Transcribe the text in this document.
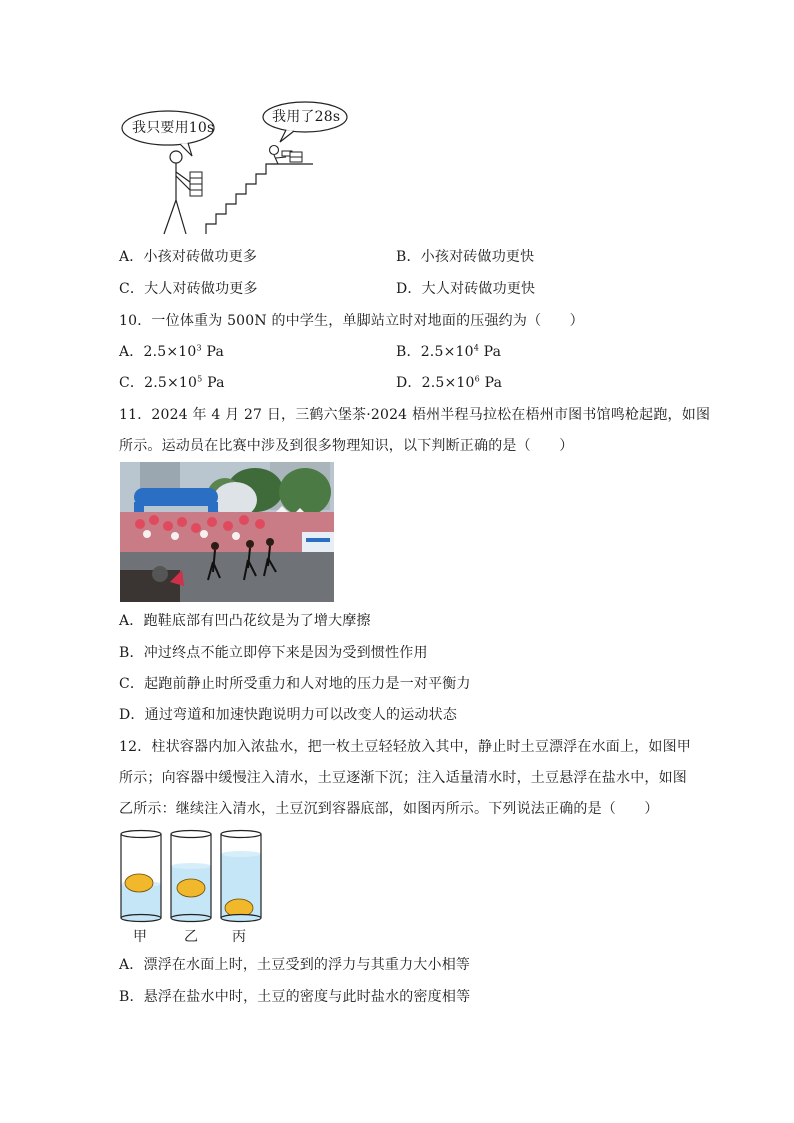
我只要用10s
我用了28s
A．小孩对砖做功更多	B．小孩对砖做功更快
C．大人对砖做功更多	D．大人对砖做功更快
10．一位体重为 500N 的中学生，单脚站立时对地面的压强约为（　　）
A．$2.5\times 10^3$ Pa	B．$2.5\times 10^4$ Pa
C．$2.5\times 10^5$ Pa	D．$2.5\times 10^6$ Pa
11．2024 年 4 月 27 日，三鹤六堡茶·2024 梧州半程马拉松在梧州市图书馆鸣枪起跑，如图
所示。运动员在比赛中涉及到很多物理知识，以下判断正确的是（　　）
A．跑鞋底部有凹凸花纹是为了增大摩擦
B．冲过终点不能立即停下来是因为受到惯性作用
C．起跑前静止时所受重力和人对地的压力是一对平衡力
D．通过弯道和加速快跑说明力可以改变人的运动状态
12．柱状容器内加入浓盐水，把一枚土豆轻轻放入其中，静止时土豆漂浮在水面上，如图甲
所示；向容器中缓慢注入清水，土豆逐渐下沉；注入适量清水时，土豆悬浮在盐水中，如图
乙所示：继续注入清水，土豆沉到容器底部，如图丙所示。下列说法正确的是（　　）
甲	乙 丙
A．漂浮在水面上时，土豆受到的浮力与其重力大小相等
B．悬浮在盐水中时，土豆的密度与此时盐水的密度相等
